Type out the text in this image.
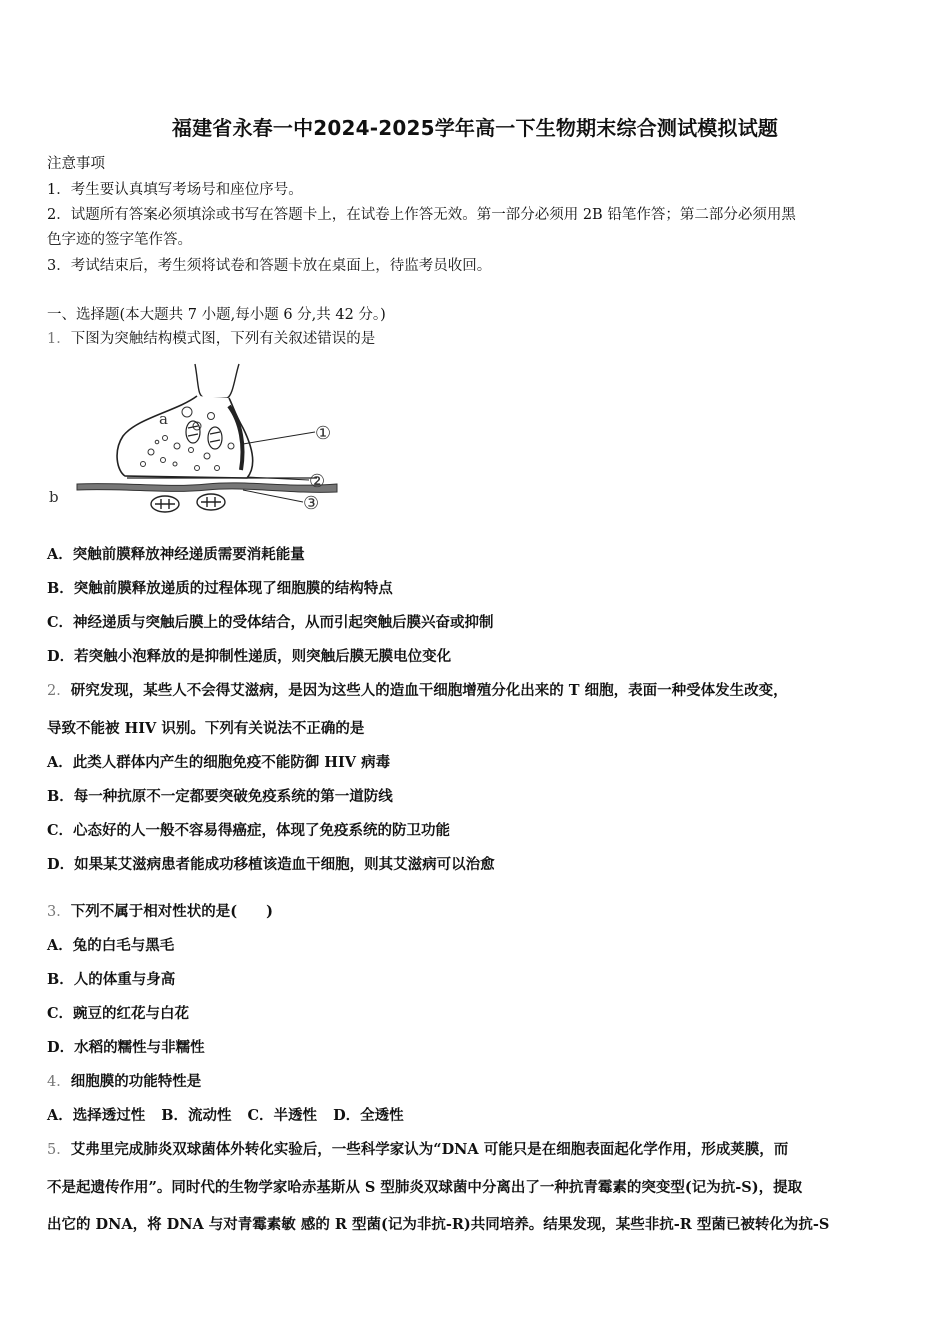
福建省永春一中2024-2025学年高一下生物期末综合测试模拟试题
注意事项
1．考生要认真填写考场号和座位序号。
2．试题所有答案必须填涂或书写在答题卡上，在试卷上作答无效。第一部分必须用 2B 铅笔作答；第二部分必须用黑
色字迹的签字笔作答。
3．考试结束后，考生须将试卷和答题卡放在桌面上，待监考员收回。
一、选择题(本大题共 7 小题,每小题 6 分,共 42 分。)
1．下图为突触结构模式图，下列有关叙述错误的是
①
②
③
a
b
A．突触前膜释放神经递质需要消耗能量
B．突触前膜释放递质的过程体现了细胞膜的结构特点
C．神经递质与突触后膜上的受体结合，从而引起突触后膜兴奋或抑制
D．若突触小泡释放的是抑制性递质，则突触后膜无膜电位变化
2．研究发现，某些人不会得艾滋病，是因为这些人的造血干细胞增殖分化出来的 T 细胞，表面一种受体发生改变，
导致不能被 HIV 识别。下列有关说法不正确的是
A．此类人群体内产生的细胞免疫不能防御 HIV 病毒
B．每一种抗原不一定都要突破免疫系统的第一道防线
C．心态好的人一般不容易得癌症，体现了免疫系统的防卫功能
D．如果某艾滋病患者能成功移植该造血干细胞，则其艾滋病可以治愈
3．下列不属于相对性状的是(　　)
A．兔的白毛与黑毛
B．人的体重与身高
C．豌豆的红花与白花
D．水稻的糯性与非糯性
4．细胞膜的功能特性是
A．选择透过性 B．流动性 C．半透性 D．全透性
5．艾弗里完成肺炎双球菌体外转化实验后，一些科学家认为“DNA 可能只是在细胞表面起化学作用，形成荚膜，而
不是起遗传作用”。同时代的生物学家哈赤基斯从 S 型肺炎双球菌中分离出了一种抗青霉素的突变型(记为抗-S)，提取
出它的 DNA，将 DNA 与对青霉素敏 感的 R 型菌(记为非抗-R)共同培养。结果发现，某些非抗-R 型菌已被转化为抗-S
